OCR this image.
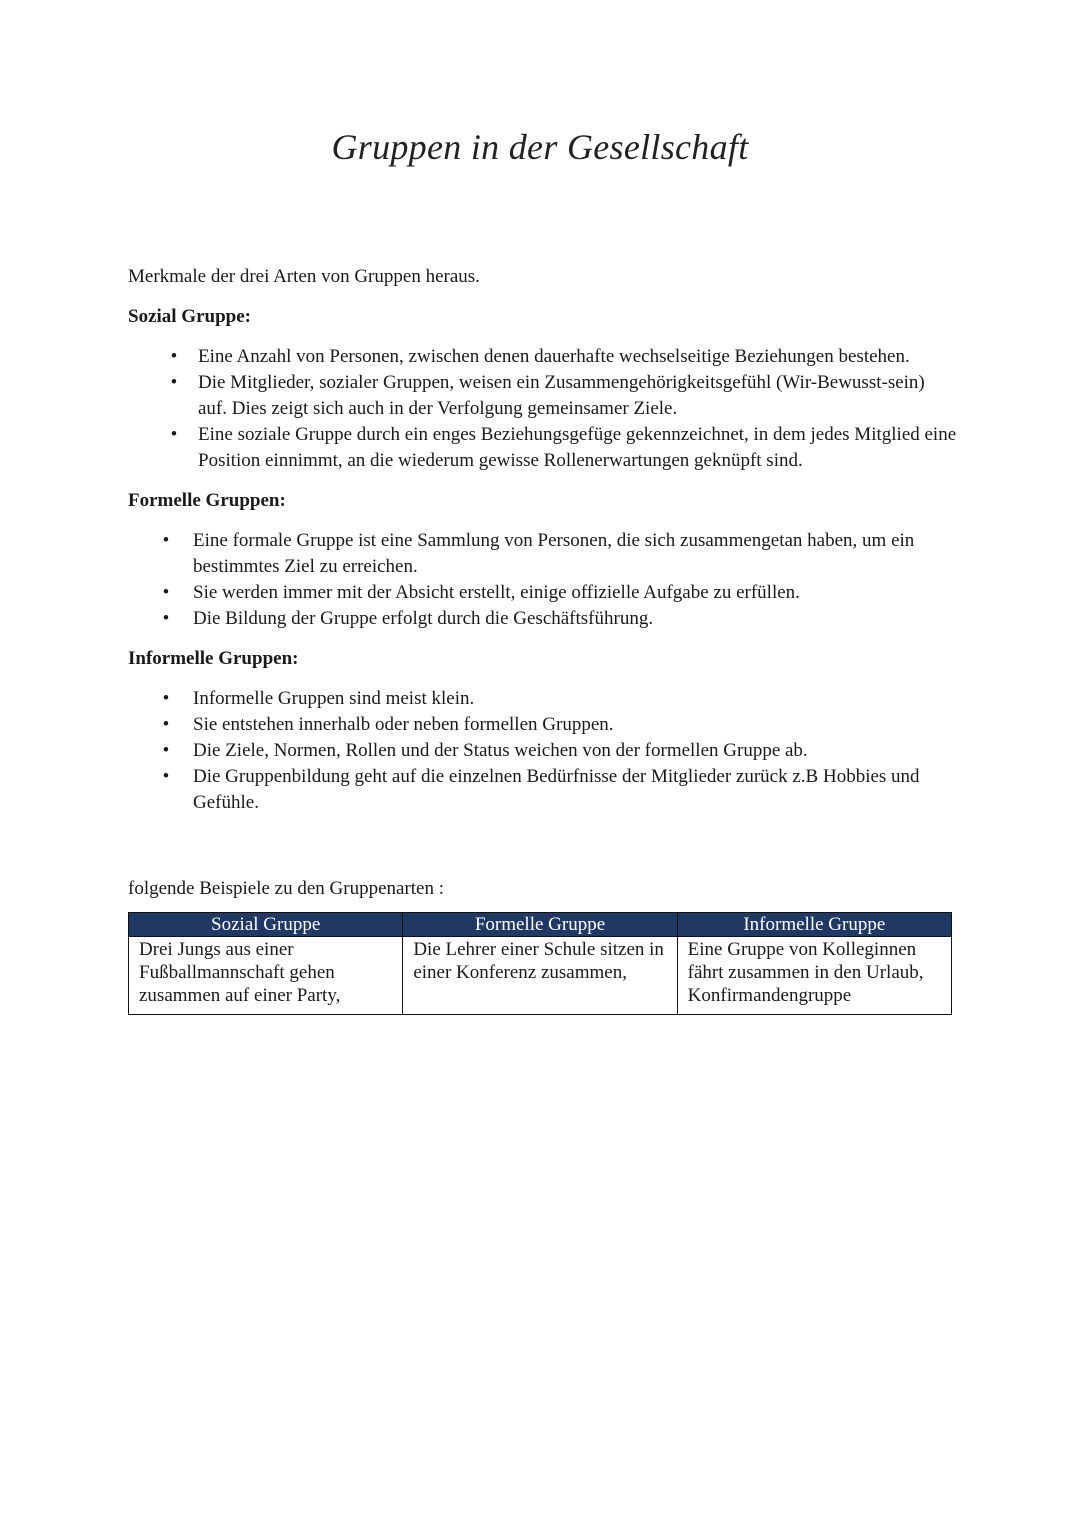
Gruppen in der Gesellschaft

Merkmale der drei Arten von Gruppen heraus.

Sozial Gruppe:
• Eine Anzahl von Personen, zwischen denen dauerhafte wechselseitige Beziehungen bestehen.
• Die Mitglieder, sozialer Gruppen, weisen ein Zusammengehörigkeitsgefühl (Wir-Bewusst-sein) auf. Dies zeigt sich auch in der Verfolgung gemeinsamer Ziele.
• Eine soziale Gruppe durch ein enges Beziehungsgefüge gekennzeichnet, in dem jedes Mitglied eine Position einnimmt, an die wiederum gewisse Rollenerwartungen geknüpft sind.
Formelle Gruppen:
• Eine formale Gruppe ist eine Sammlung von Personen, die sich zusammengetan haben, um ein bestimmtes Ziel zu erreichen.
• Sie werden immer mit der Absicht erstellt, einige offizielle Aufgabe zu erfüllen.
• Die Bildung der Gruppe erfolgt durch die Geschäftsführung.
Informelle Gruppen:
• Informelle Gruppen sind meist klein.
• Sie entstehen innerhalb oder neben formellen Gruppen.
• Die Ziele, Normen, Rollen und der Status weichen von der formellen Gruppe ab.
• Die Gruppenbildung geht auf die einzelnen Bedürfnisse der Mitglieder zurück z.B Hobbies und Gefühle.

folgende Beispiele zu den Gruppenarten :

Sozial Gruppe	Formelle Gruppe	Informelle Gruppe
Drei Jungs aus einer Fußballmannschaft gehen zusammen auf einer Party,	Die Lehrer einer Schule sitzen in einer Konferenz zusammen,	Eine Gruppe von Kolleginnen fährt zusammen in den Urlaub, Konfirmandengruppe
